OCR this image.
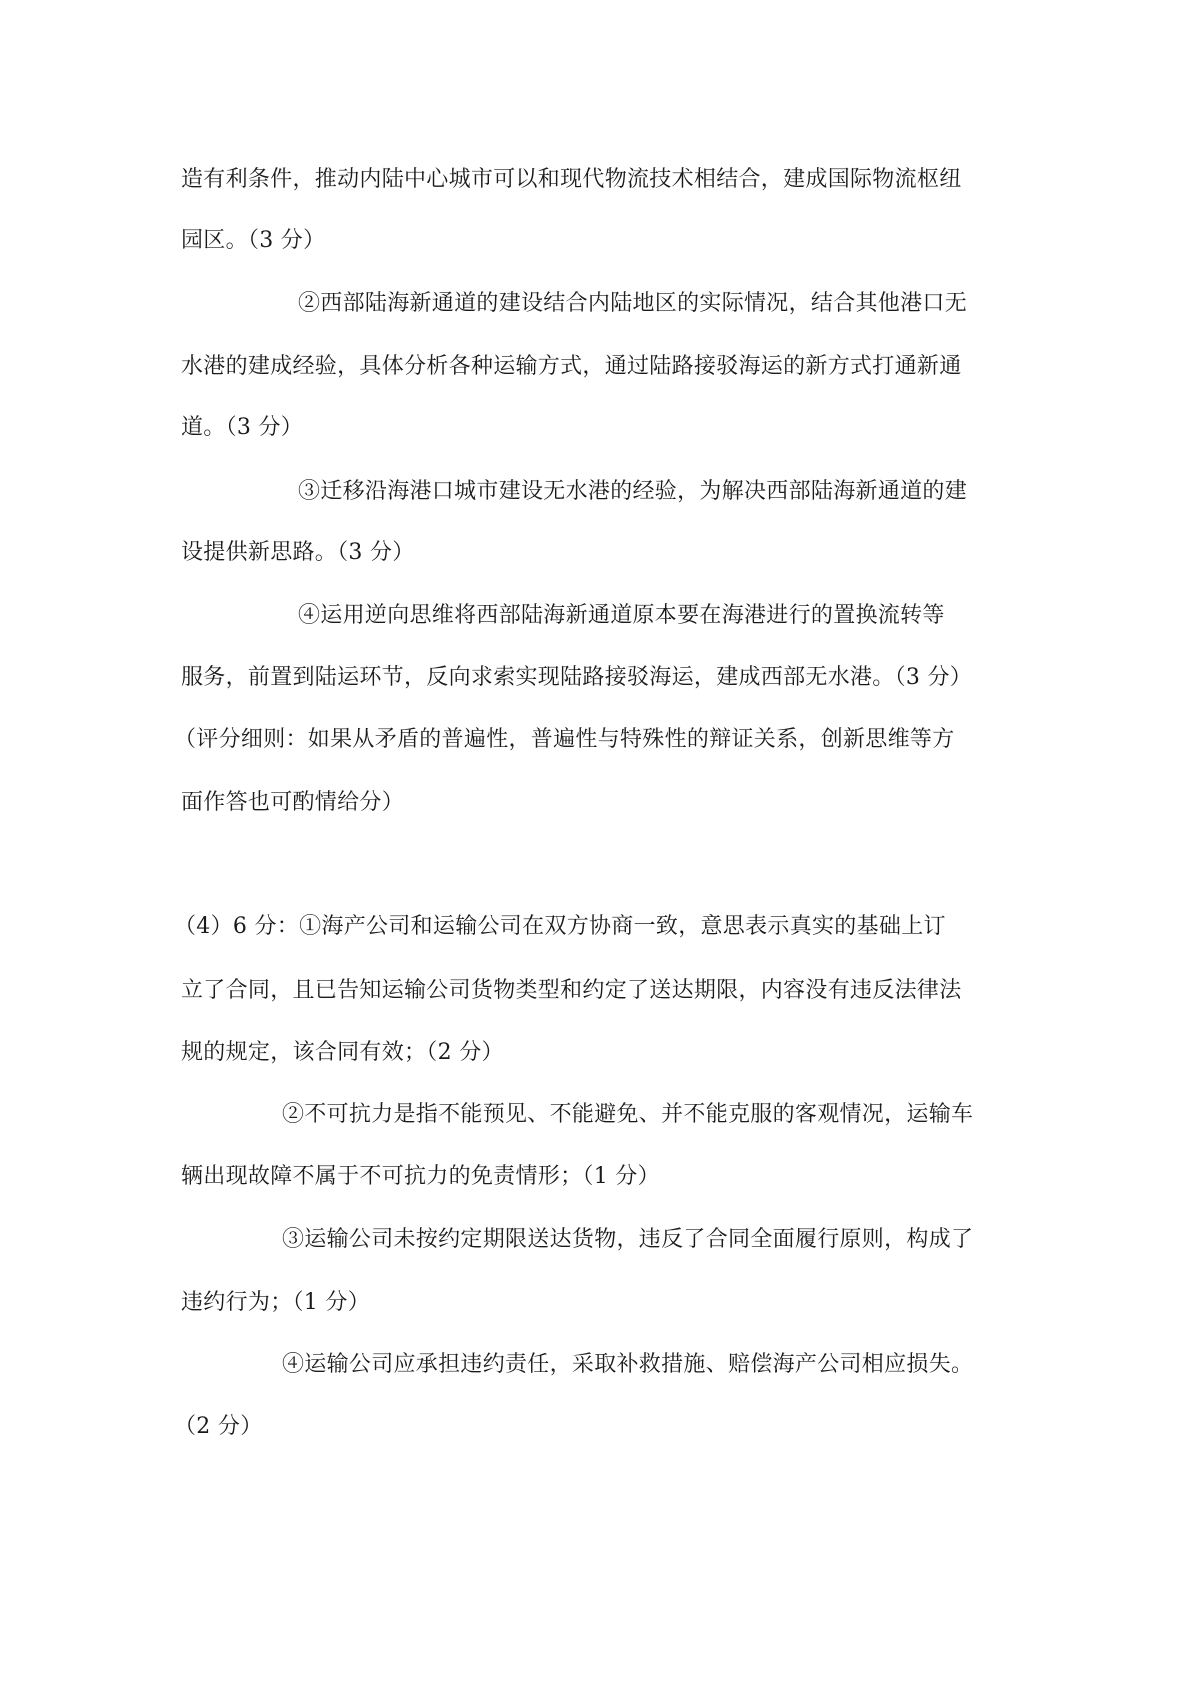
造有利条件，推动内陆中心城市可以和现代物流技术相结合，建成国际物流枢纽
园区。（3 分）
②西部陆海新通道的建设结合内陆地区的实际情况，结合其他港口无
水港的建成经验，具体分析各种运输方式，通过陆路接驳海运的新方式打通新通
道。（3 分）
③迁移沿海港口城市建设无水港的经验，为解决西部陆海新通道的建
设提供新思路。（3 分）
④运用逆向思维将西部陆海新通道原本要在海港进行的置换流转等
服务，前置到陆运环节，反向求索实现陆路接驳海运，建成西部无水港。（3 分）
（评分细则：如果从矛盾的普遍性，普遍性与特殊性的辩证关系，创新思维等方
面作答也可酌情给分）
（4）6 分：①海产公司和运输公司在双方协商一致，意思表示真实的基础上订
立了合同，且已告知运输公司货物类型和约定了送达期限，内容没有违反法律法
规的规定，该合同有效；（2 分）
②不可抗力是指不能预见、不能避免、并不能克服的客观情况，运输车
辆出现故障不属于不可抗力的免责情形；（1 分）
③运输公司未按约定期限送达货物，违反了合同全面履行原则，构成了
违约行为；（1 分）
④运输公司应承担违约责任，采取补救措施、赔偿海产公司相应损失。
（2 分）
